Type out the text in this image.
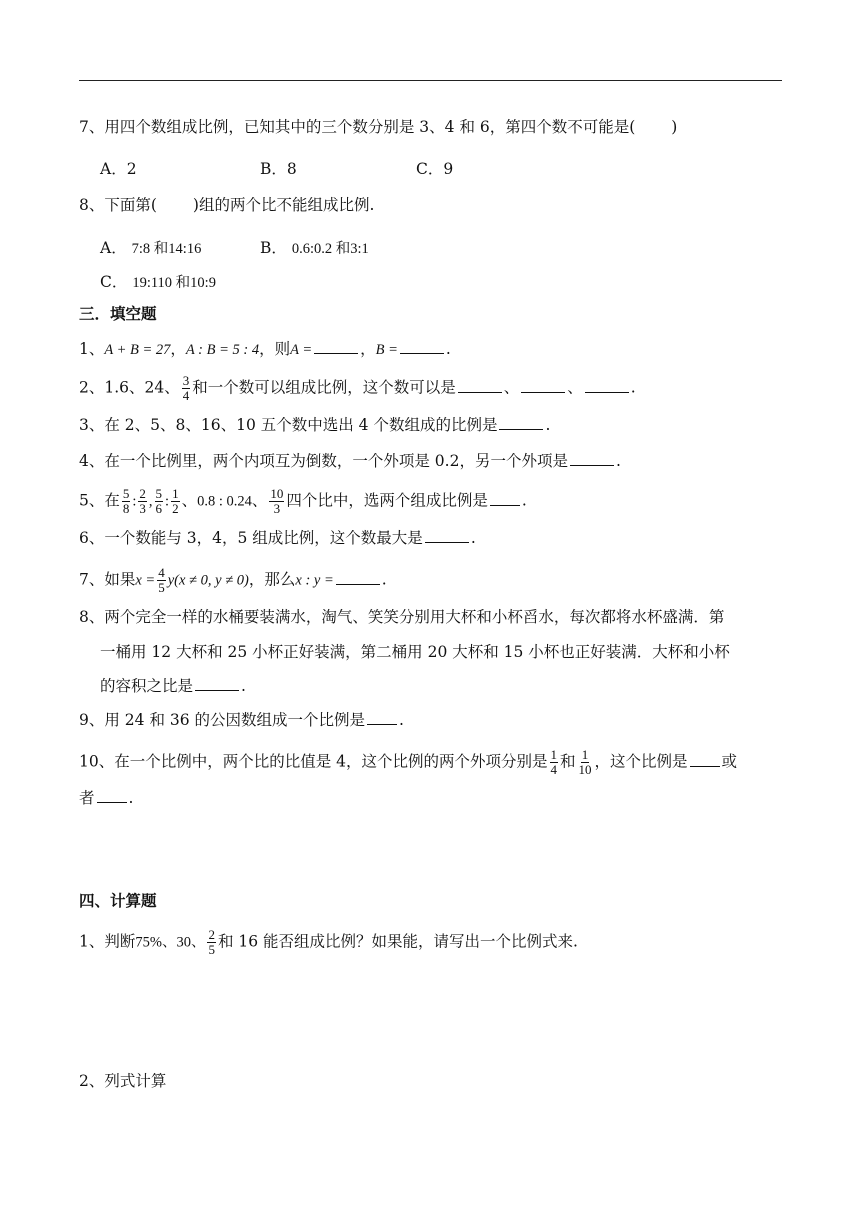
7、用四个数组成比例，已知其中的三个数分别是 3、4 和 6，第四个数不可能是( )
A．2	B．8	C．9
8、下面第( )组的两个比不能组成比例.
A． 7:8 和14:16	B． 0.6:0.2 和3:1
C． 19:110 和10:9
三．填空题
1、A + B = 27，A : B = 5 : 4，则A =	，B =	.
2、1.6、24、 $\frac{3}{4}$ 和一个数可以组成比例，这个数可以是	、	、	.
3、在 2、5、8、16、10 五个数中选出 4 个数组成的比例是	.
4、在一个比例里，两个内项互为倒数，一个外项是 0.2，另一个外项是	.
5、在 $\frac{5}{8}$ : $\frac{2}{3}$ , $\frac{5}{6}$ : $\frac{1}{2}$ 、0.8 : 0.24、 $\frac{10}{3}$ 四个比中，选两个组成比例是 .
6、一个数能与 3，4，5 组成比例，这个数最大是	.
7、如果$x = \frac{4}{5} y(x \ne 0$, y ≠ 0)，那么x : y =	.
8、两个完全一样的水桶要装满水，淘气、笑笑分别用大杯和小杯舀水，每次都将水杯盛满．第
一桶用 12 大杯和 25 小杯正好装满，第二桶用 20 大杯和 15 小杯也正好装满．大杯和小杯
的容积之比是	.
9、用 24 和 36 的公因数组成一个比例是 .
10、在一个比例中，两个比的比值是 4，这个比例的两个外项分别是 $\frac{1}{4}$ 和 $\frac{1}{10}$ ，这个比例是 或
者 .
四、计算题
1、判断75%、30、 $\frac{2}{5}$ 和 16 能否组成比例？如果能，请写出一个比例式来.
2、列式计算
